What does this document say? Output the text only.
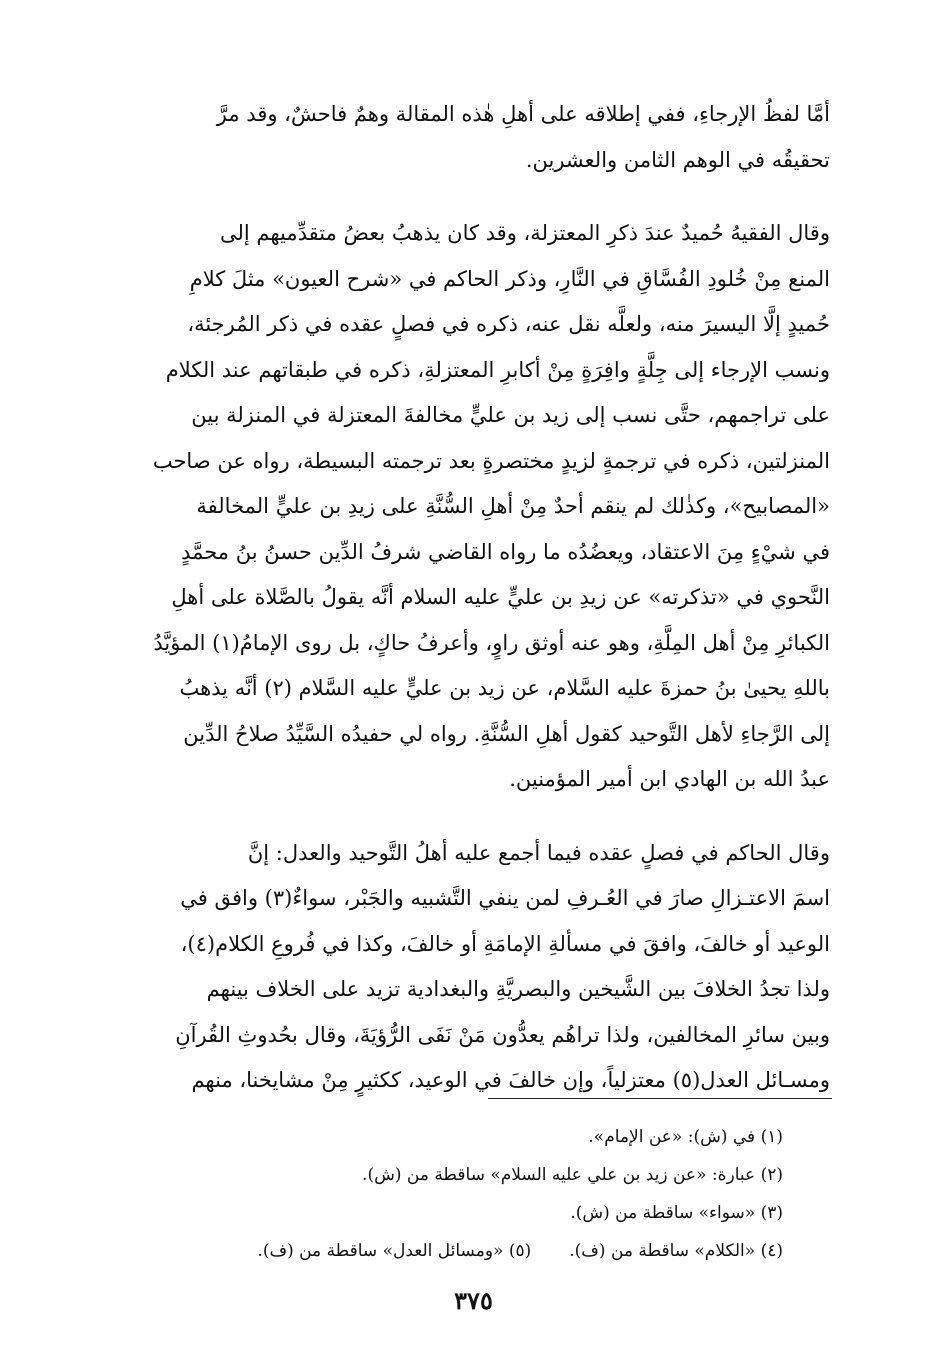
أمَّا لفظُ الإرجاءِ، ففي إطلاقه على أهلِ هٰذه المقالة وهمٌ فاحشٌ، وقد مرَّ
تحقيقُه في الوهم الثامن والعشرين.
وقال الفقيهُ حُميدٌ عندَ ذكرِ المعتزلة، وقد كان يذهبُ بعضُ متقدِّميهم إلى
المنع مِنْ خُلودِ الفُسَّاقِ في النَّارِ، وذكر الحاكم في «شرح العيون» مثلَ كلامِ
حُميدٍ إلَّا اليسيرَ منه، ولعلَّه نقل عنه، ذكره في فصلٍ عقده في ذكر المُرجئة،
ونسب الإرجاء إلى جِلَّةٍ وافِرَةٍ مِنْ أكابرِ المعتزلةِ، ذكره في طبقاتهم عند الكلام
على تراجمهم، حتَّى نسب إلى زيد بن عليٍّ مخالفةَ المعتزلة في المنزلة بين
المنزلتين، ذكره في ترجمةٍ لزيدٍ مختصرةٍ بعد ترجمته البسيطة، رواه عن صاحب
«المصابيح»، وكذٰلك لم ينقم أحدٌ مِنْ أهلِ السُّنَّةِ على زيدِ بن عليٍّ المخالفة
في شيْءٍ مِنَ الاعتقاد، ويعضُدُه ما رواه القاضي شرفُ الدِّين حسنُ بنُ محمَّدٍ
النَّحوي في «تذكرته» عن زيدِ بن عليٍّ عليه السلام أنَّه يقولُ بالصَّلاة على أهلِ
الكبائرِ مِنْ أهل المِلَّةِ، وهو عنه أوثق راوٍ، وأعرفُ حاكٍ، بل روى الإمامُ(١) المؤيَّدُ
باللهِ يحيىٰ بنُ حمزةَ عليه السَّلام، عن زيد بن عليٍّ عليه السَّلام (٢) أنَّه يذهبُ
إلى الرَّجاءِ لأهل التَّوحيد كقول أهلِ السُّنَّةِ. رواه لي حفيدُه السَّيِّدُ صلاحُ الدِّين
عبدُ الله بن الهادي ابن أمير المؤمنين.
وقال الحاكم في فصلٍ عقده فيما أجمع عليه أهلُ التَّوحيد والعدل: إنَّ
اسمَ الاعتـزالِ صارَ في العُـرفِ لمن ينفي التَّشبيه والجَبْر، سواءٌ(٣) وافق في
الوعيد أو خالفَ، وافقَ في مسألةِ الإمامَةِ أو خالفَ، وكذا في فُروعِ الكلام(٤)،
ولذا تجدُ الخلافَ بين الشَّيخين والبصريَّةِ والبغدادية تزيد على الخلاف بينهم
وبين سائرِ المخالفين، ولذا تراهُم يعدُّون مَنْ نَفَى الرُّؤيَةَ، وقال بحُدوثِ القُرآنِ
ومسـائل العدل(٥) معتزلياً، وإن خالفَ في الوعيد، ككثيرٍ مِنْ مشايخنا، منهم
(١) في (ش): «عن الإمام».
(٢) عبارة: «عن زيد بن علي عليه السلام» ساقطة من (ش).
(٣) «سواء» ساقطة من (ش).
(٤) «الكلام» ساقطة من (ف).
(٥) «ومسائل العدل» ساقطة من (ف).
٣٧٥
